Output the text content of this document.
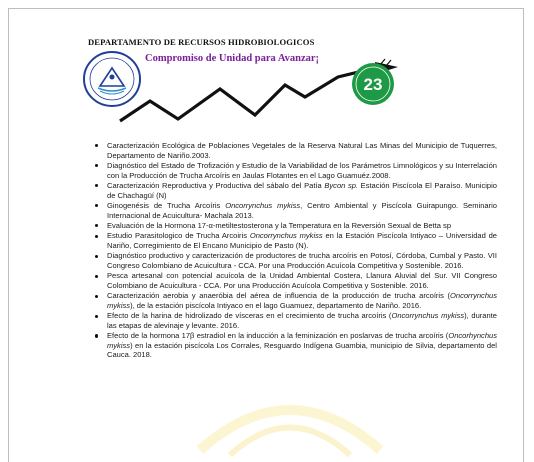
DEPARTAMENTO DE RECURSOS HIDROBIOLOGICOS
Compromiso de Unidad para Avanzar¡
23
Caracterización Ecológica de Poblaciones Vegetales de la Reserva Natural Las Minas del Municipio de Tuquerres, Departamento de Nariño.2003.
Diagnóstico del Estado de Trofización y Estudio de la Variabilidad de los Parámetros Limnológicos y su Interrelación con la Producción de Trucha Arcoíris en Jaulas Flotantes en el Lago Guamuéz.2008.
Caracterización Reproductiva y Productiva del sábalo del Patía Bycon sp. Estación Piscícola El Paraíso. Municipio de Chachagüí (N)
Ginogenésis de Trucha Arcoíris Oncorrynchus mykiss, Centro Ambiental y Piscícola Guirapungo. Seminario Internacional de Acuicultura- Machala 2013.
Evaluación de la Hormona 17-α-metiltestosterona y la Temperatura en la Reversión Sexual de Betta sp
Estudio Parasitologico de Trucha Arcoiris Oncorrynchus mykiss en la Estación Piscícola Intiyaco – Universidad de Nariño, Corregimiento de El Encano Municipio de Pasto (N).
Diagnóstico productivo y caracterización de productores de trucha arcoíris en Potosí, Córdoba, Cumbal y Pasto. VII Congreso Colombiano de Acuicultura - CCA. Por una Producción Acuícola Competitiva y Sostenible. 2016.
Pesca artesanal con potencial acuícola de la Unidad Ambiental Costera, Llanura Aluvial del Sur. VII Congreso Colombiano de Acuicultura - CCA. Por una Producción Acuícola Competitiva y Sostenible. 2016.
Caracterización aerobia y anaeróbia del aérea de influencia de la producción de trucha arcoíris (Oncorrynchus mykiss), de la estación piscícola Intiyaco en el lago Guamuez, departamento de Nariño. 2016.
Efecto de la harina de hidrolizado de vísceras en el crecimiento de trucha arcoíris (Oncorrynchus mykiss), durante las etapas de alevinaje y levante. 2016.
Efecto de la hormona 17β estradiol en la inducción a la feminización en poslarvas de trucha arcoíris (Oncorhynchus mykiss) en la estación piscícola Los Corrales, Resguardo Indígena Guambia, municipio de Silvia, departamento del Cauca. 2018.
